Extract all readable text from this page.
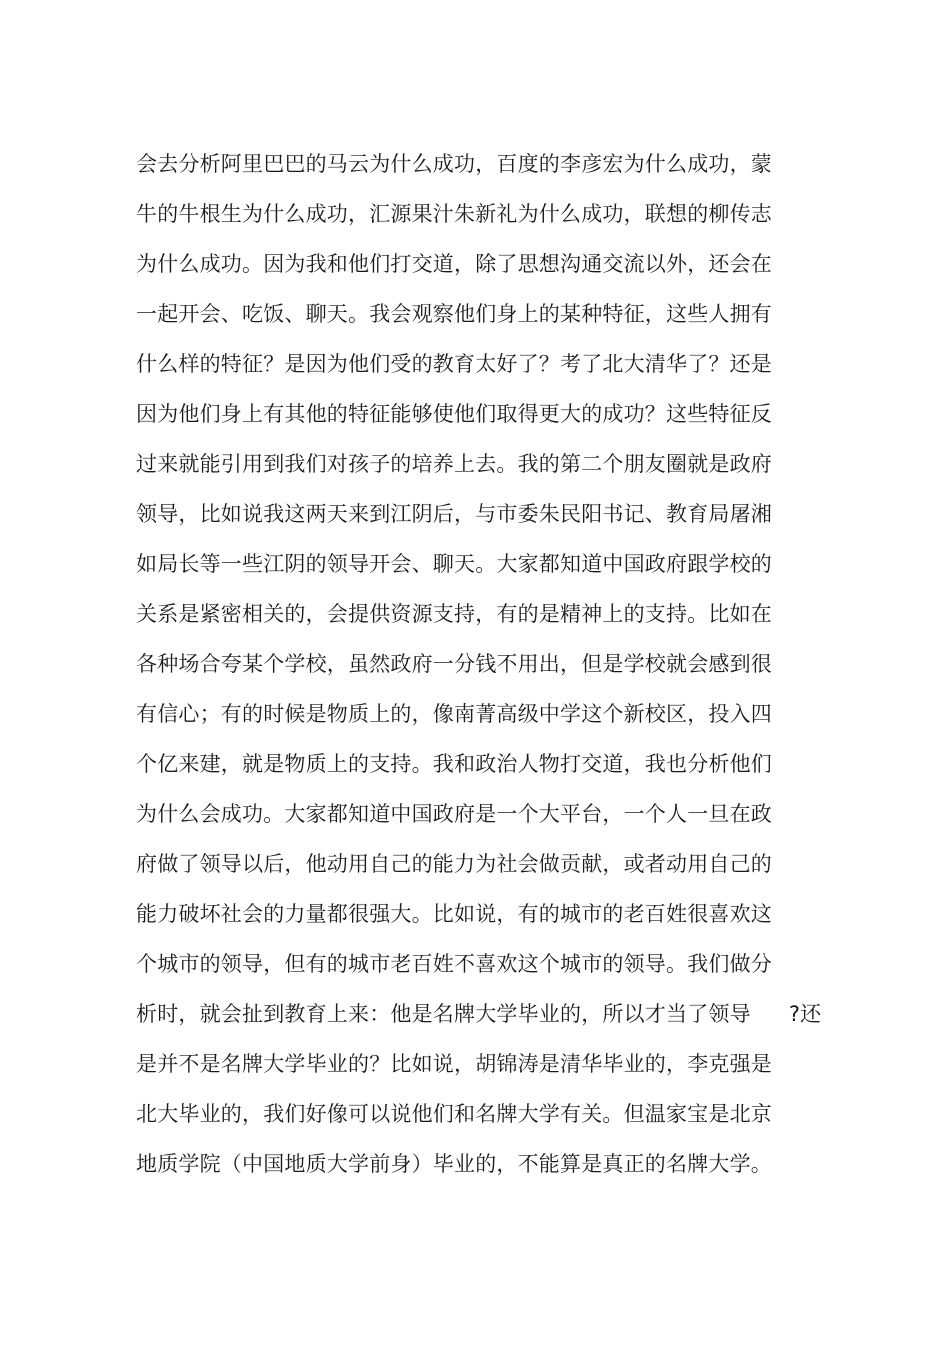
会去分析阿里巴巴的马云为什么成功，百度的李彦宏为什么成功，蒙
牛的牛根生为什么成功，汇源果汁朱新礼为什么成功，联想的柳传志
为什么成功。因为我和他们打交道，除了思想沟通交流以外，还会在
一起开会、吃饭、聊天。我会观察他们身上的某种特征，这些人拥有
什么样的特征？是因为他们受的教育太好了？考了北大清华了？还是
因为他们身上有其他的特征能够使他们取得更大的成功？这些特征反
过来就能引用到我们对孩子的培养上去。我的第二个朋友圈就是政府
领导，比如说我这两天来到江阴后，与市委朱民阳书记、教育局屠湘
如局长等一些江阴的领导开会、聊天。大家都知道中国政府跟学校的
关系是紧密相关的，会提供资源支持，有的是精神上的支持。比如在
各种场合夸某个学校，虽然政府一分钱不用出，但是学校就会感到很
有信心；有的时候是物质上的，像南菁高级中学这个新校区，投入四
个亿来建，就是物质上的支持。我和政治人物打交道，我也分析他们
为什么会成功。大家都知道中国政府是一个大平台，一个人一旦在政
府做了领导以后，他动用自己的能力为社会做贡献，或者动用自己的
能力破坏社会的力量都很强大。比如说，有的城市的老百姓很喜欢这
个城市的领导，但有的城市老百姓不喜欢这个城市的领导。我们做分
析时，就会扯到教育上来：他是名牌大学毕业的，所以才当了领导 ?还
是并不是名牌大学毕业的？比如说，胡锦涛是清华毕业的，李克强是
北大毕业的，我们好像可以说他们和名牌大学有关。但温家宝是北京
地质学院（中国地质大学前身）毕业的，不能算是真正的名牌大学。
